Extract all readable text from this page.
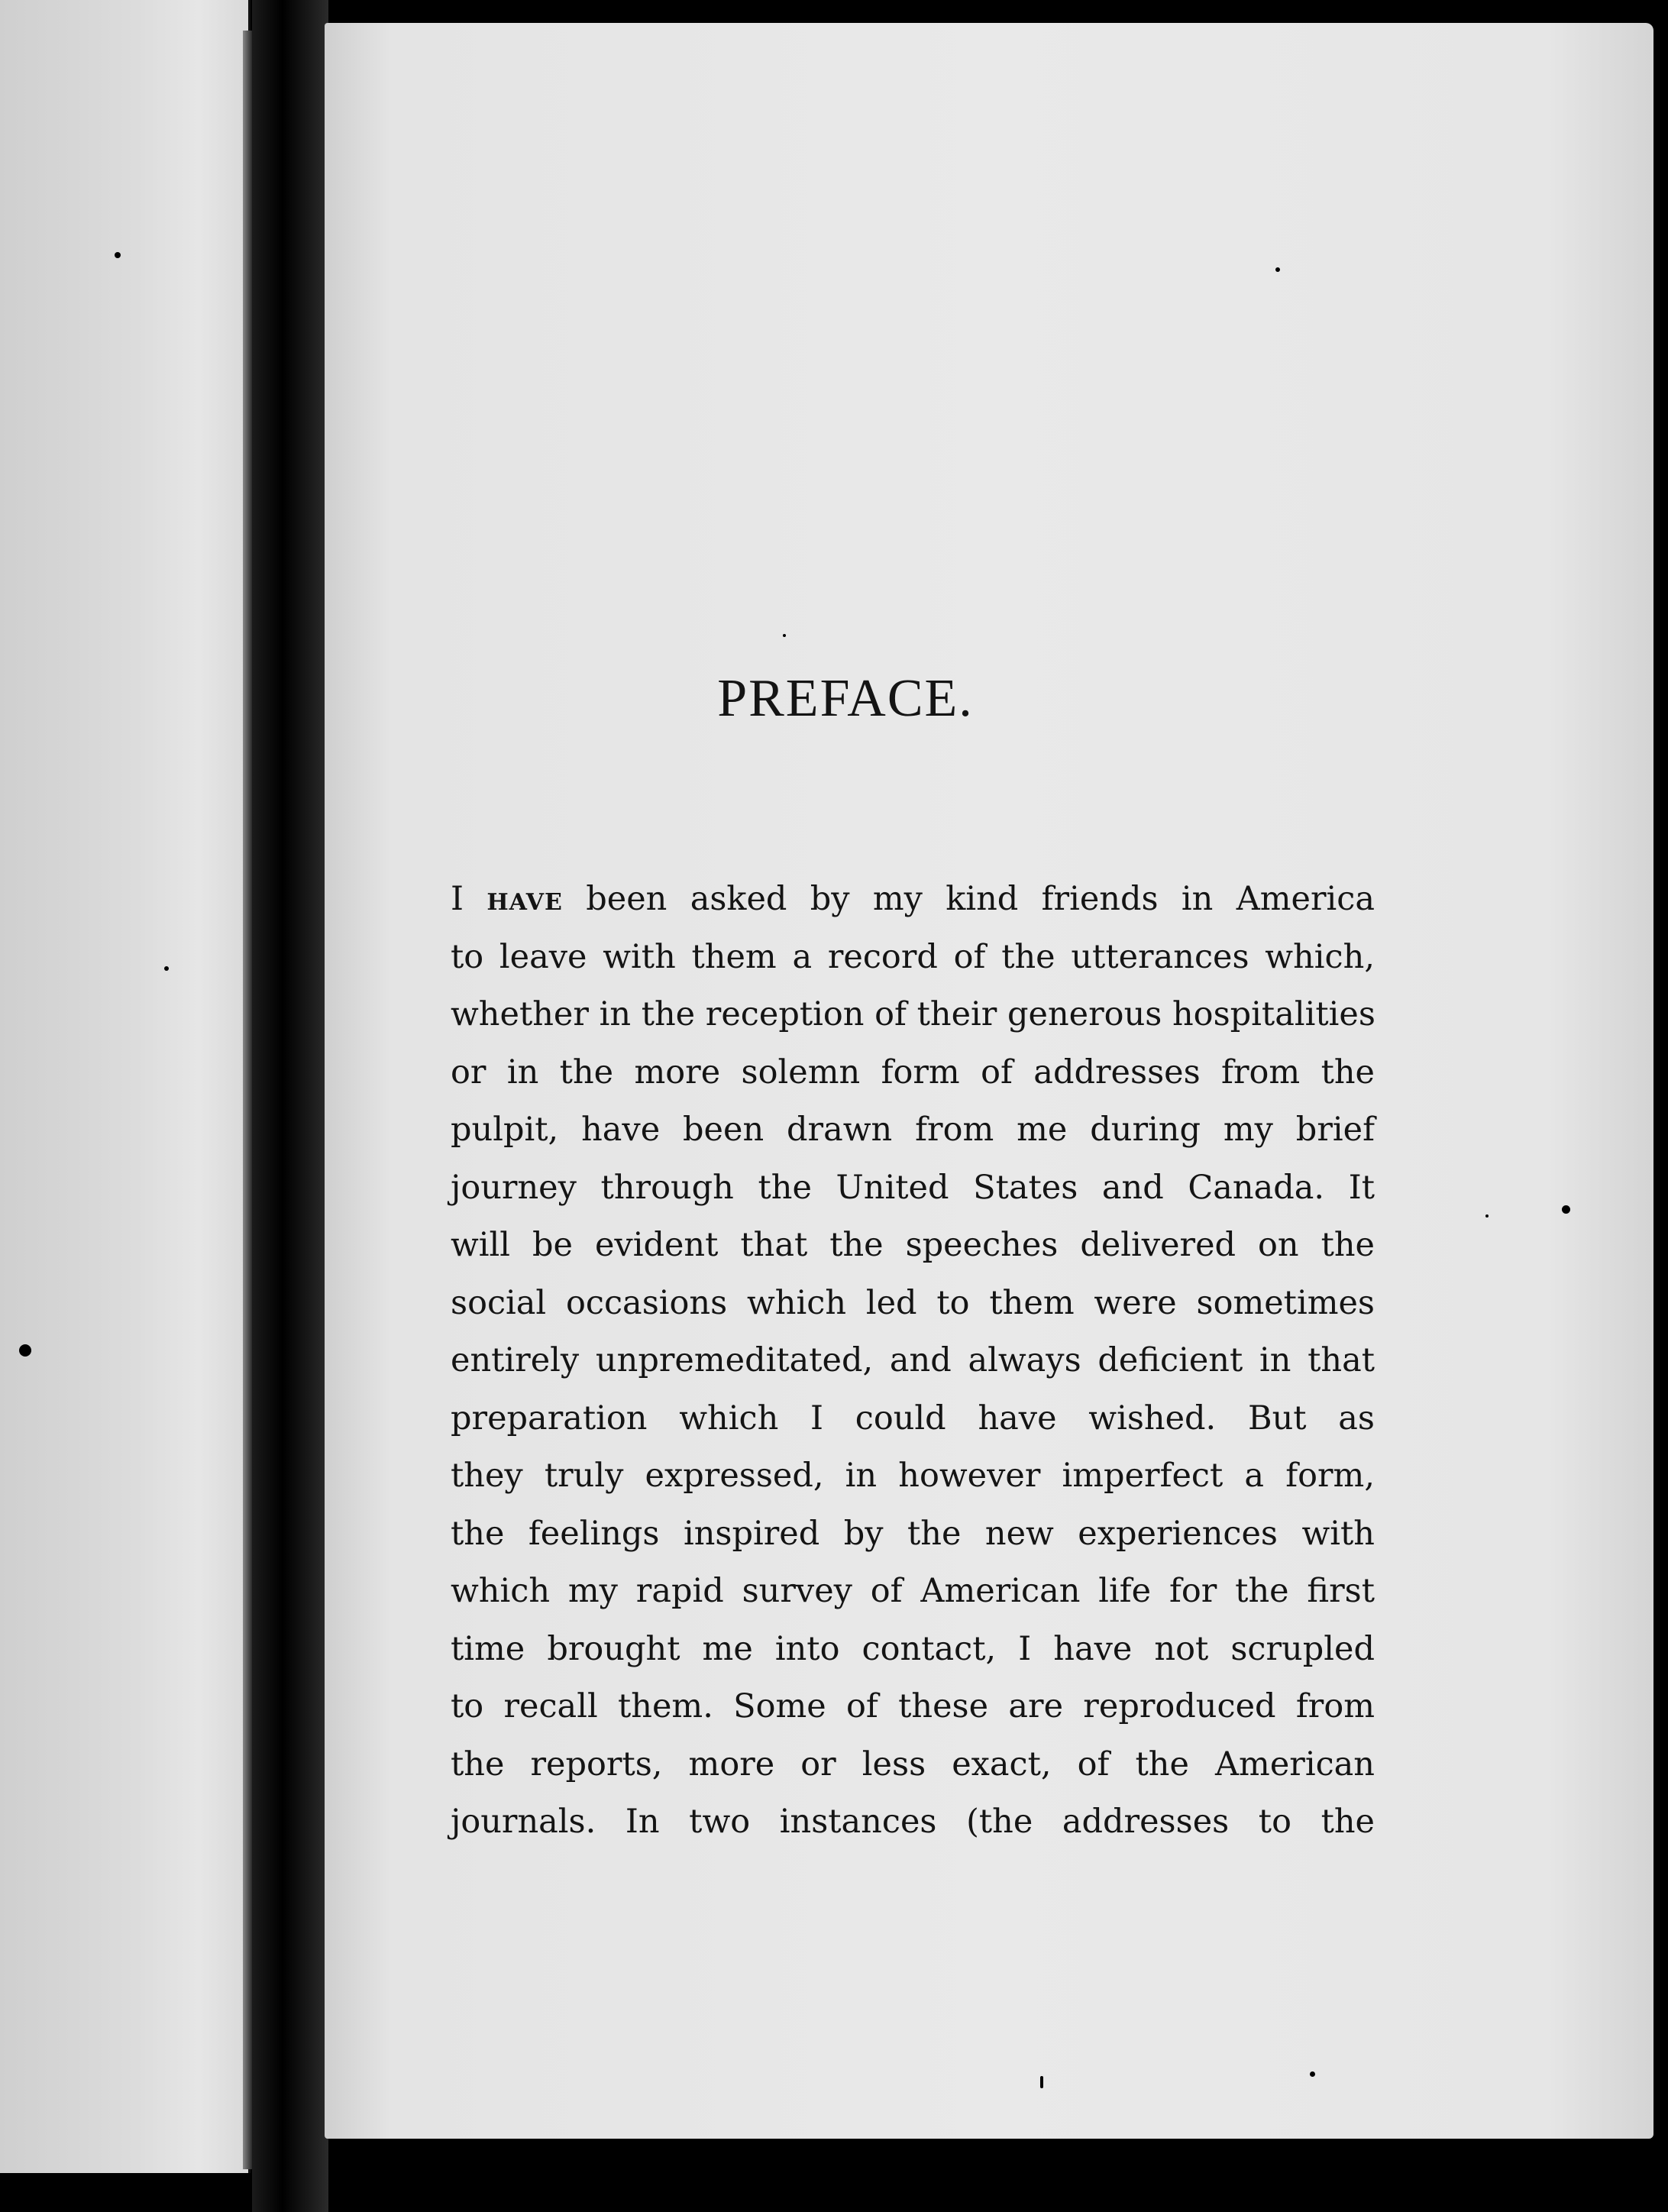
PREFACE.
I have been asked by my kind friends in America
to leave with them a record of the utterances which,
whether in the reception of their generous hospitalities
or in the more solemn form of addresses from the
pulpit, have been drawn from me during my brief
journey through the United States and Canada. It
will be evident that the speeches delivered on the
social occasions which led to them were sometimes
entirely unpremeditated, and always deficient in that
preparation which I could have wished. But as
they truly expressed, in however imperfect a form,
the feelings inspired by the new experiences with
which my rapid survey of American life for the first
time brought me into contact, I have not scrupled
to recall them. Some of these are reproduced from
the reports, more or less exact, of the American
journals. In two instances (the addresses to the
